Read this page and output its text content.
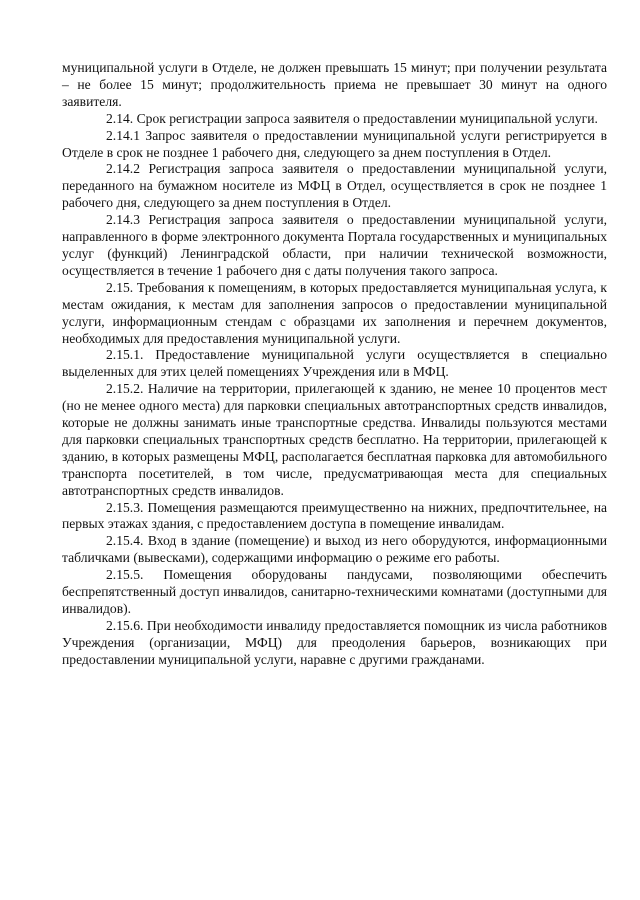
муниципальной услуги в Отделе, не должен превышать 15 минут; при получении результата – не более 15 минут; продолжительность приема не превышает 30 минут на одного заявителя.

2.14. Срок регистрации запроса заявителя о предоставлении муниципальной услуги.

2.14.1 Запрос заявителя о предоставлении муниципальной услуги регистрируется в Отделе в срок не позднее 1 рабочего дня, следующего за днем поступления в Отдел.

2.14.2 Регистрация запроса заявителя о предоставлении муниципальной услуги, переданного на бумажном носителе из МФЦ в Отдел, осуществляется в срок не позднее 1 рабочего дня, следующего за днем поступления в Отдел.

2.14.3 Регистрация запроса заявителя о предоставлении муниципальной услуги, направленного в форме электронного документа Портала государственных и муниципальных услуг (функций) Ленинградской области, при наличии технической возможности, осуществляется в течение 1 рабочего дня с даты получения такого запроса.

2.15. Требования к помещениям, в которых предоставляется муниципальная услуга, к местам ожидания, к местам для заполнения запросов о предоставлении муниципальной услуги, информационным стендам с образцами их заполнения и перечнем документов, необходимых для предоставления муниципальной услуги.

2.15.1. Предоставление муниципальной услуги осуществляется в специально выделенных для этих целей помещениях Учреждения или в МФЦ.

2.15.2. Наличие на территории, прилегающей к зданию, не менее 10 процентов мест (но не менее одного места) для парковки специальных автотранспортных средств инвалидов, которые не должны занимать иные транспортные средства. Инвалиды пользуются местами для парковки специальных транспортных средств бесплатно. На территории, прилегающей к зданию, в которых размещены МФЦ, располагается бесплатная парковка для автомобильного транспорта посетителей, в том числе, предусматривающая места для специальных автотранспортных средств инвалидов.

2.15.3. Помещения размещаются преимущественно на нижних, предпочтительнее, на первых этажах здания, с предоставлением доступа в помещение инвалидам.

2.15.4. Вход в здание (помещение) и выход из него оборудуются, информационными табличками (вывесками), содержащими информацию о режиме его работы.

2.15.5. Помещения оборудованы пандусами, позволяющими обеспечить беспрепятственный доступ инвалидов, санитарно-техническими комнатами (доступными для инвалидов).

2.15.6. При необходимости инвалиду предоставляется помощник из числа работников Учреждения (организации, МФЦ) для преодоления барьеров, возникающих при предоставлении муниципальной услуги, наравне с другими гражданами.
